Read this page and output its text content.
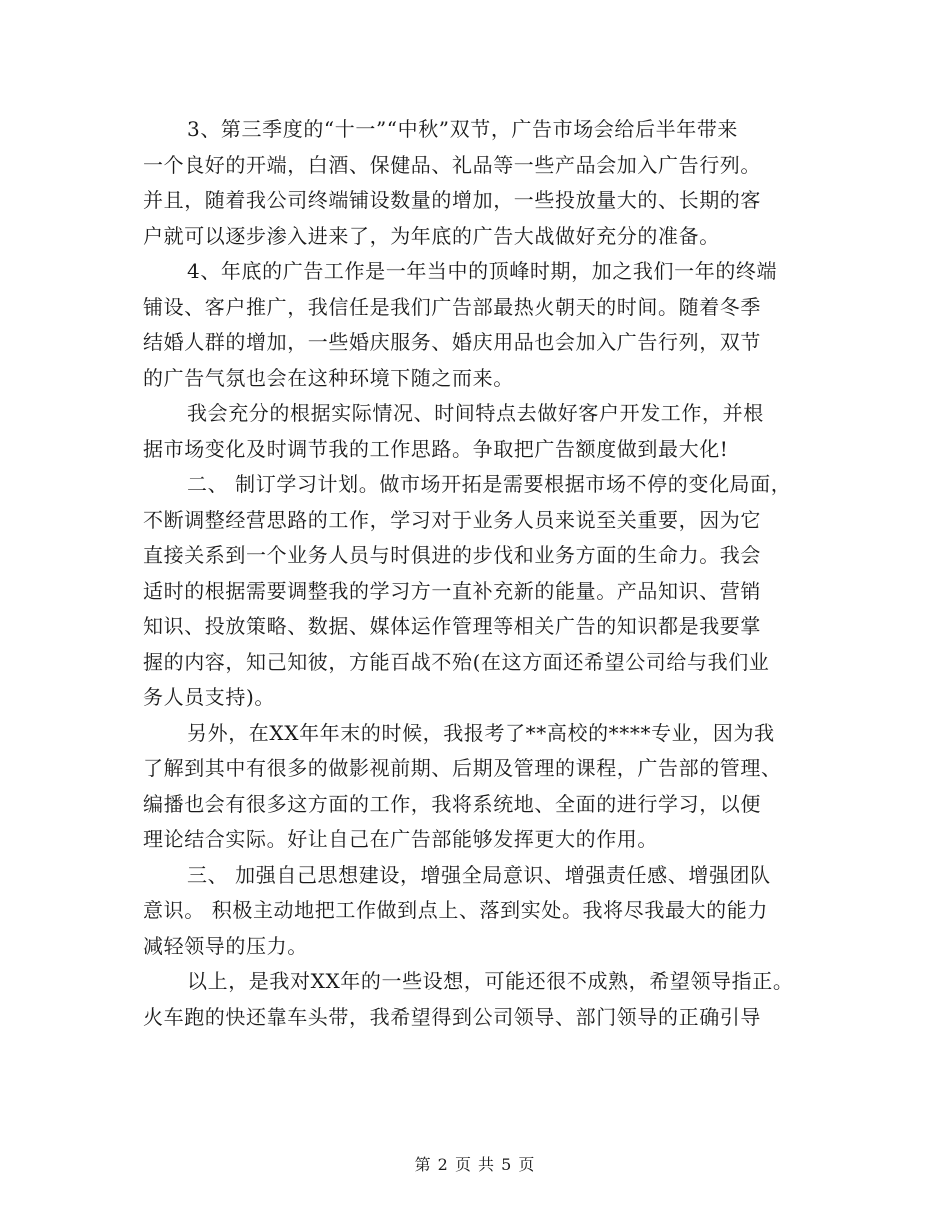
3、第三季度的“十一”“中秋”双节，广告市场会给后半年带来
一个良好的开端，白酒、保健品、礼品等一些产品会加入广告行列。
并且，随着我公司终端铺设数量的增加，一些投放量大的、长期的客
户就可以逐步渗入进来了，为年底的广告大战做好充分的准备。
4、年底的广告工作是一年当中的顶峰时期，加之我们一年的终端
铺设、客户推广，我信任是我们广告部最热火朝天的时间。随着冬季
结婚人群的增加，一些婚庆服务、婚庆用品也会加入广告行列，双节
的广告气氛也会在这种环境下随之而来。
我会充分的根据实际情况、时间特点去做好客户开发工作，并根
据市场变化及时调节我的工作思路。争取把广告额度做到最大化!
二、 制订学习计划。做市场开拓是需要根据市场不停的变化局面，
不断调整经营思路的工作，学习对于业务人员来说至关重要，因为它
直接关系到一个业务人员与时俱进的步伐和业务方面的生命力。我会
适时的根据需要调整我的学习方一直补充新的能量。产品知识、营销
知识、投放策略、数据、媒体运作管理等相关广告的知识都是我要掌
握的内容，知己知彼，方能百战不殆(在这方面还希望公司给与我们业
务人员支持)。
另外，在XX年年末的时候，我报考了**高校的****专业，因为我
了解到其中有很多的做影视前期、后期及管理的课程，广告部的管理、
编播也会有很多这方面的工作，我将系统地、全面的进行学习，以便
理论结合实际。好让自己在广告部能够发挥更大的作用。
三、 加强自己思想建设，增强全局意识、增强责任感、增强团队
意识。 积极主动地把工作做到点上、落到实处。我将尽我最大的能力
减轻领导的压力。
以上，是我对XX年的一些设想，可能还很不成熟，希望领导指正。
火车跑的快还靠车头带，我希望得到公司领导、部门领导的正确引导
第 2 页 共 5 页
